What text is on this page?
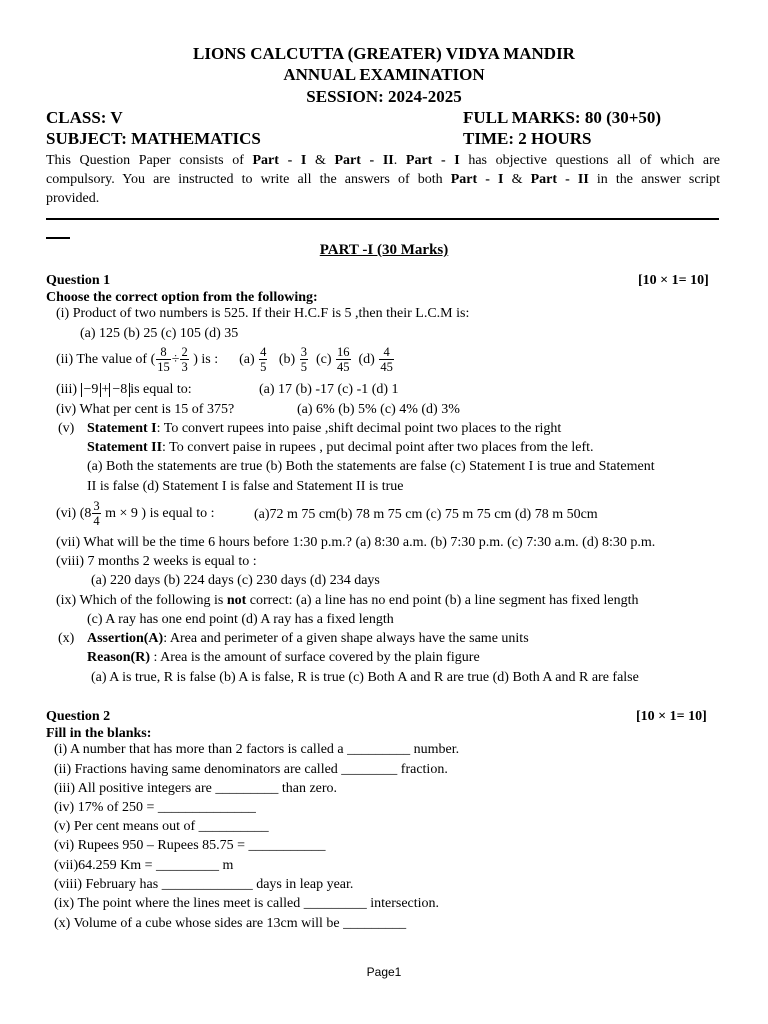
LIONS CALCUTTA (GREATER) VIDYA MANDIR
ANNUAL EXAMINATION
SESSION: 2024-2025
CLASS: V	FULL MARKS: 80 (30+50)
SUBJECT: MATHEMATICS	TIME: 2 HOURS
This Question Paper consists of Part - I & Part - II. Part - I has objective questions all of which are
compulsory. You are instructed to write all the answers of both Part - I & Part - II in the answer script
provided.
PART -I (30 Marks)
Question 1	[10 × 1= 10]
Choose the correct option from the following:
(i) Product of two numbers is 525. If their H.C.F is 5 ,then their L.C.M is:
(a) 125 (b) 25 (c) 105 (d) 35
(ii) The value of ( $\frac{8}{15} \div \frac{2}{3}$ ) is : $(a) \frac{4}{5} (b) \frac{3}{5} (c) \frac{16}{45} (d) \frac{4}{45}$
(iii) −9 + −8 is equal to:	(a) 17 (b) -17 (c) -1 (d) 1
(iv) What per cent is 15 of 375?	(a) 6% (b) 5% (c) 4% (d) 3%
(v) Statement I: To convert rupees into paise ,shift decimal point two places to the right
Statement II: To convert paise in rupees , put decimal point after two places from the left.
(a) Both the statements are true (b) Both the statements are false (c) Statement I is true and Statement
II is false (d) Statement I is false and Statement II is true
(vi) ($8 \frac{3}{4}$ m × 9 ) is equal to :	(a)72 m 75 cm(b) 78 m 75 cm (c) 75 m 75 cm (d) 78 m 50cm
(vii) What will be the time 6 hours before 1:30 p.m.? (a) 8:30 a.m. (b) 7:30 p.m. (c) 7:30 a.m. (d) 8:30 p.m.
(viii) 7 months 2 weeks is equal to :
(a) 220 days (b) 224 days (c) 230 days (d) 234 days
(ix) Which of the following is not correct: (a) a line has no end point (b) a line segment has fixed length
(c) A ray has one end point (d) A ray has a fixed length
(x) Assertion(A): Area and perimeter of a given shape always have the same units
Reason(R) : Area is the amount of surface covered by the plain figure
(a) A is true, R is false (b) A is false, R is true (c) Both A and R are true (d) Both A and R are false
Question 2	[10 × 1= 10]
Fill in the blanks:
(i) A number that has more than 2 factors is called a _________ number.
(ii) Fractions having same denominators are called ________ fraction.
(iii) All positive integers are _________ than zero.
(iv) 17% of 250 = ______________
(v) Per cent means out of __________
(vi) Rupees 950 – Rupees 85.75 = ___________
(vii)64.259 Km = _________ m
(viii) February has _____________ days in leap year.
(ix) The point where the lines meet is called _________ intersection.
(x) Volume of a cube whose sides are 13cm will be _________
Page1
